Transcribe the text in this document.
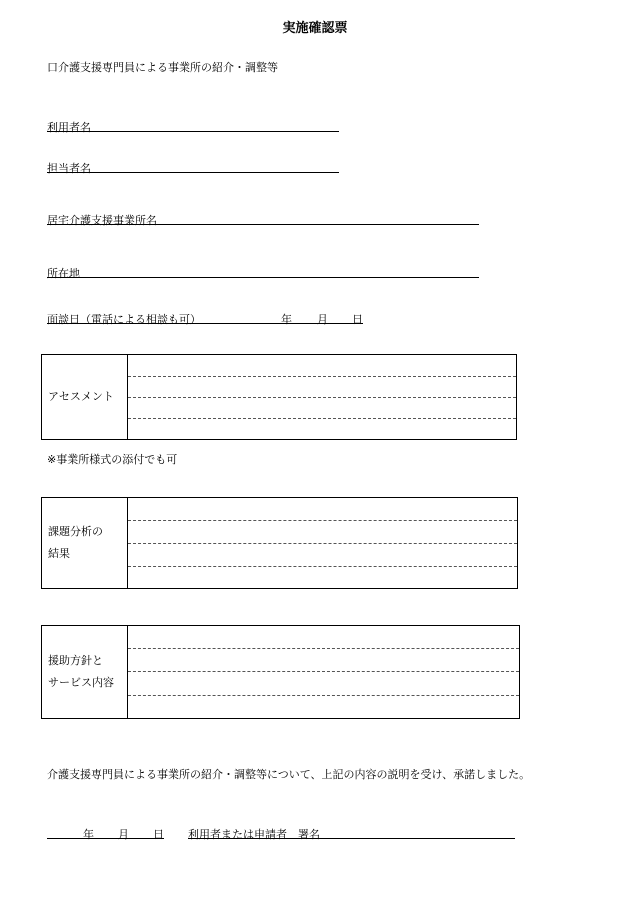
実施確認票
口介護支援専門員による事業所の紹介・調整等
利用者名
担当者名
居宅介護支援事業所名
所在地
面談日（電話による相談も可）	年 月 日
アセスメント
※事業所様式の添付でも可
課題分析の
結果
援助方針と
サービス内容
介護支援専門員による事業所の紹介・調整等について、上記の内容の説明を受け、承諾しました。
年 月 日 利用者または申請者　署名
